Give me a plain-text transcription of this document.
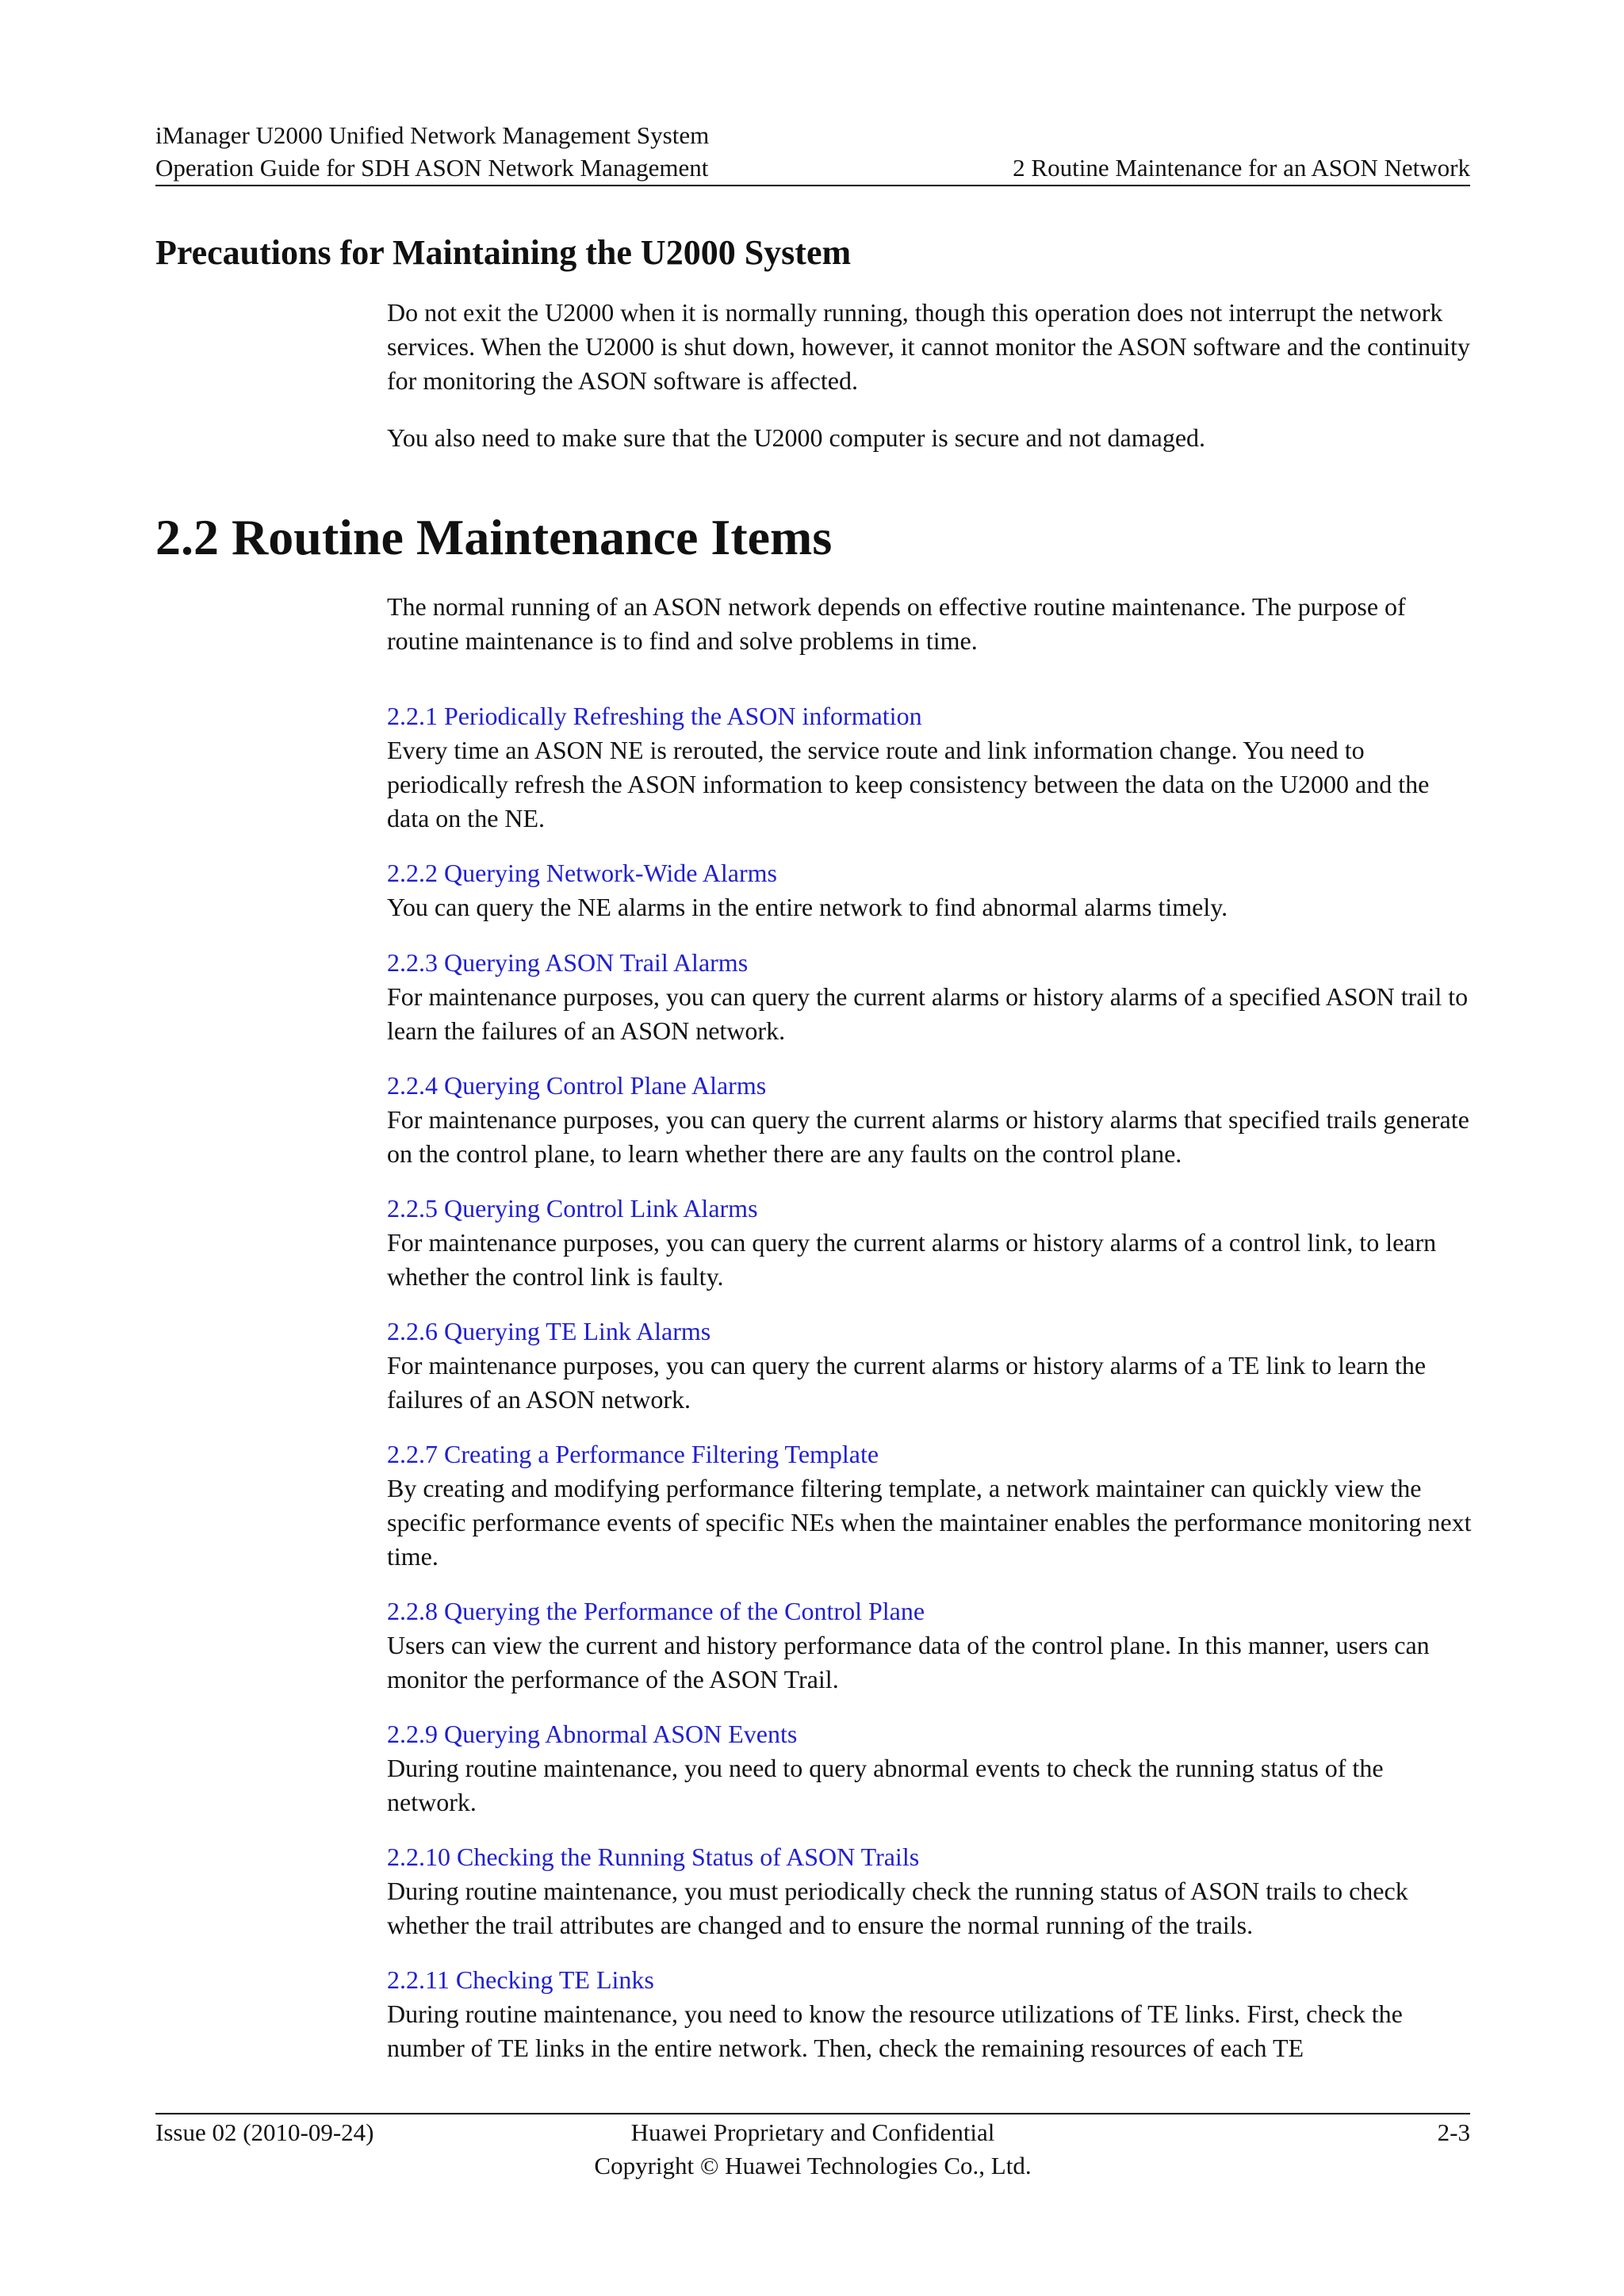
iManager U2000 Unified Network Management System
Operation Guide for SDH ASON Network Management	2 Routine Maintenance for an ASON Network
Precautions for Maintaining the U2000 System
Do not exit the U2000 when it is normally running, though this operation does not interrupt the network services. When the U2000 is shut down, however, it cannot monitor the ASON software and the continuity for monitoring the ASON software is affected.
You also need to make sure that the U2000 computer is secure and not damaged.
2.2 Routine Maintenance Items
The normal running of an ASON network depends on effective routine maintenance. The purpose of routine maintenance is to find and solve problems in time.
2.2.1 Periodically Refreshing the ASON information
Every time an ASON NE is rerouted, the service route and link information change. You need to periodically refresh the ASON information to keep consistency between the data on the U2000 and the data on the NE.
2.2.2 Querying Network-Wide Alarms
You can query the NE alarms in the entire network to find abnormal alarms timely.
2.2.3 Querying ASON Trail Alarms
For maintenance purposes, you can query the current alarms or history alarms of a specified ASON trail to learn the failures of an ASON network.
2.2.4 Querying Control Plane Alarms
For maintenance purposes, you can query the current alarms or history alarms that specified trails generate on the control plane, to learn whether there are any faults on the control plane.
2.2.5 Querying Control Link Alarms
For maintenance purposes, you can query the current alarms or history alarms of a control link, to learn whether the control link is faulty.
2.2.6 Querying TE Link Alarms
For maintenance purposes, you can query the current alarms or history alarms of a TE link to learn the failures of an ASON network.
2.2.7 Creating a Performance Filtering Template
By creating and modifying performance filtering template, a network maintainer can quickly view the specific performance events of specific NEs when the maintainer enables the performance monitoring next time.
2.2.8 Querying the Performance of the Control Plane
Users can view the current and history performance data of the control plane. In this manner, users can monitor the performance of the ASON Trail.
2.2.9 Querying Abnormal ASON Events
During routine maintenance, you need to query abnormal events to check the running status of the network.
2.2.10 Checking the Running Status of ASON Trails
During routine maintenance, you must periodically check the running status of ASON trails to check whether the trail attributes are changed and to ensure the normal running of the trails.
2.2.11 Checking TE Links
During routine maintenance, you need to know the resource utilizations of TE links. First, check the number of TE links in the entire network. Then, check the remaining resources of each TE
Issue 02 (2010-09-24)	Huawei Proprietary and Confidential
Copyright © Huawei Technologies Co., Ltd.
2-3
